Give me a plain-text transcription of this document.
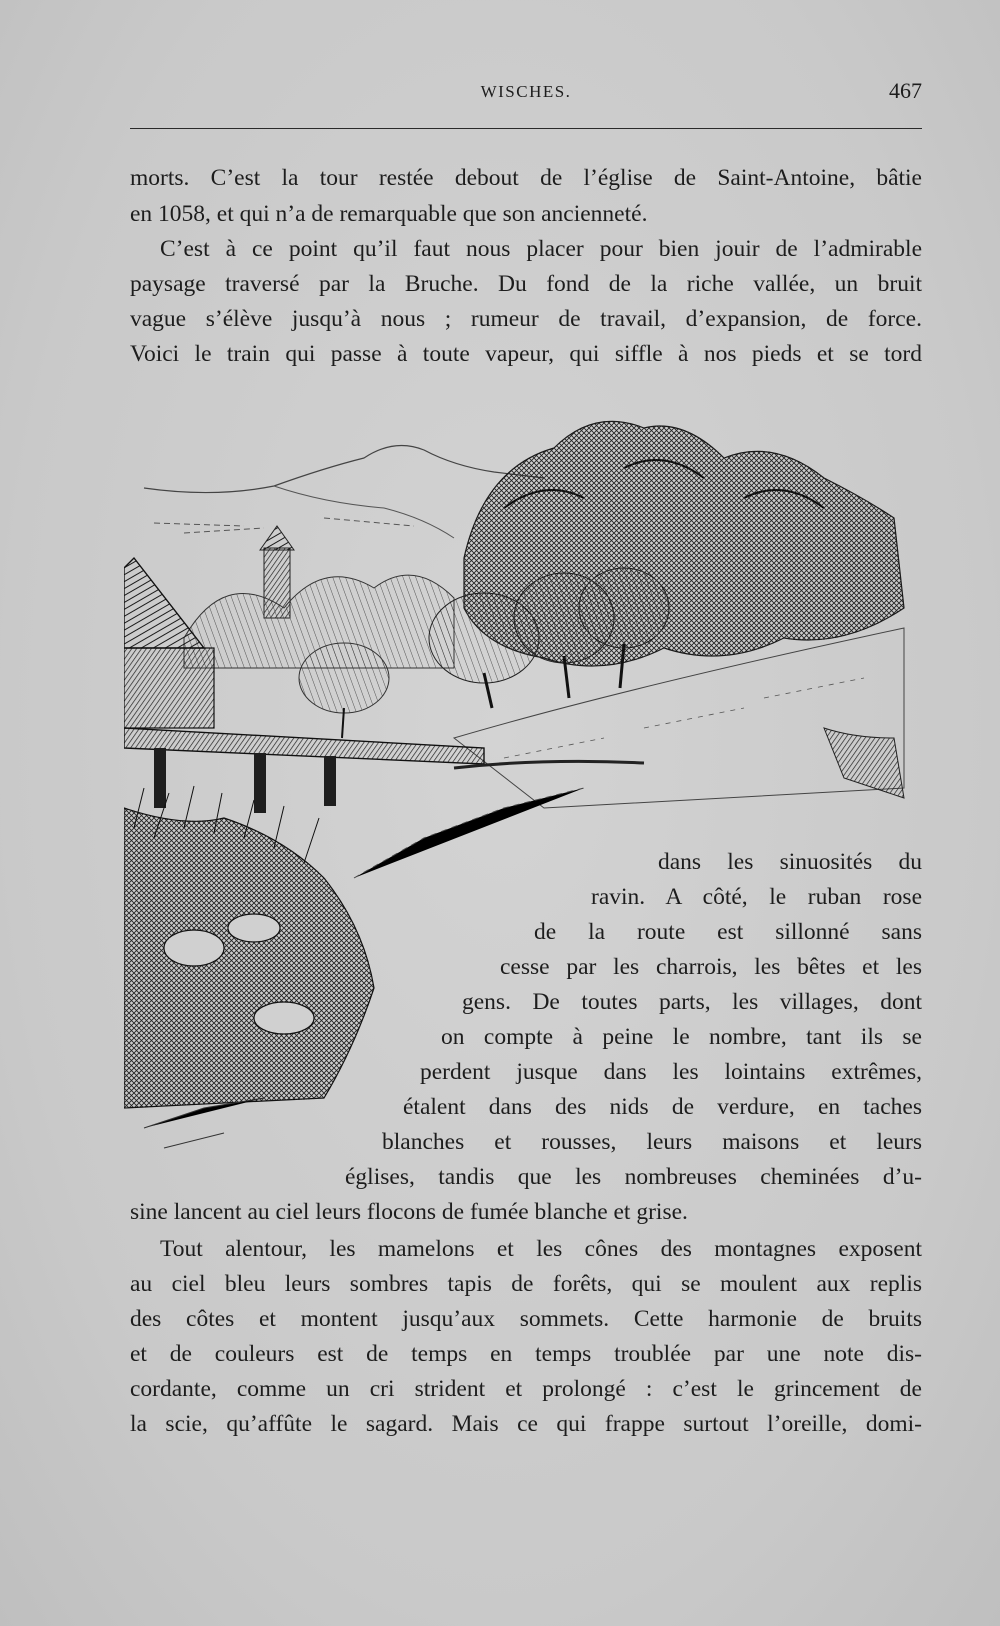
WISCHES.	467
morts. C’est la tour restée debout de l’église de Saint-Antoine, bâtie
en 1058, et qui n’a de remarquable que son ancienneté.
C’est à ce point qu’il faut nous placer pour bien jouir de l’admirable
paysage traversé par la Bruche. Du fond de la riche vallée, un bruit
vague s’élève jusqu’à nous ; rumeur de travail, d’expansion, de force.
Voici le train qui passe à toute vapeur, qui siffle à nos pieds et se tord
dans les sinuosités du
ravin. A côté, le ruban rose
de la route est sillonné sans
cesse par les charrois, les bêtes et les
gens. De toutes parts, les villages, dont
on compte à peine le nombre, tant ils se
perdent jusque dans les lointains extrêmes,
étalent dans des nids de verdure, en taches
blanches et rousses, leurs maisons et leurs
églises, tandis que les nombreuses cheminées d’u-
sine lancent au ciel leurs flocons de fumée blanche et grise.
Tout alentour, les mamelons et les cônes des montagnes exposent
au ciel bleu leurs sombres tapis de forêts, qui se moulent aux replis
des côtes et montent jusqu’aux sommets. Cette harmonie de bruits
et de couleurs est de temps en temps troublée par une note dis-
cordante, comme un cri strident et prolongé : c’est le grincement de
la scie, qu’affûte le sagard. Mais ce qui frappe surtout l’oreille, domi-
